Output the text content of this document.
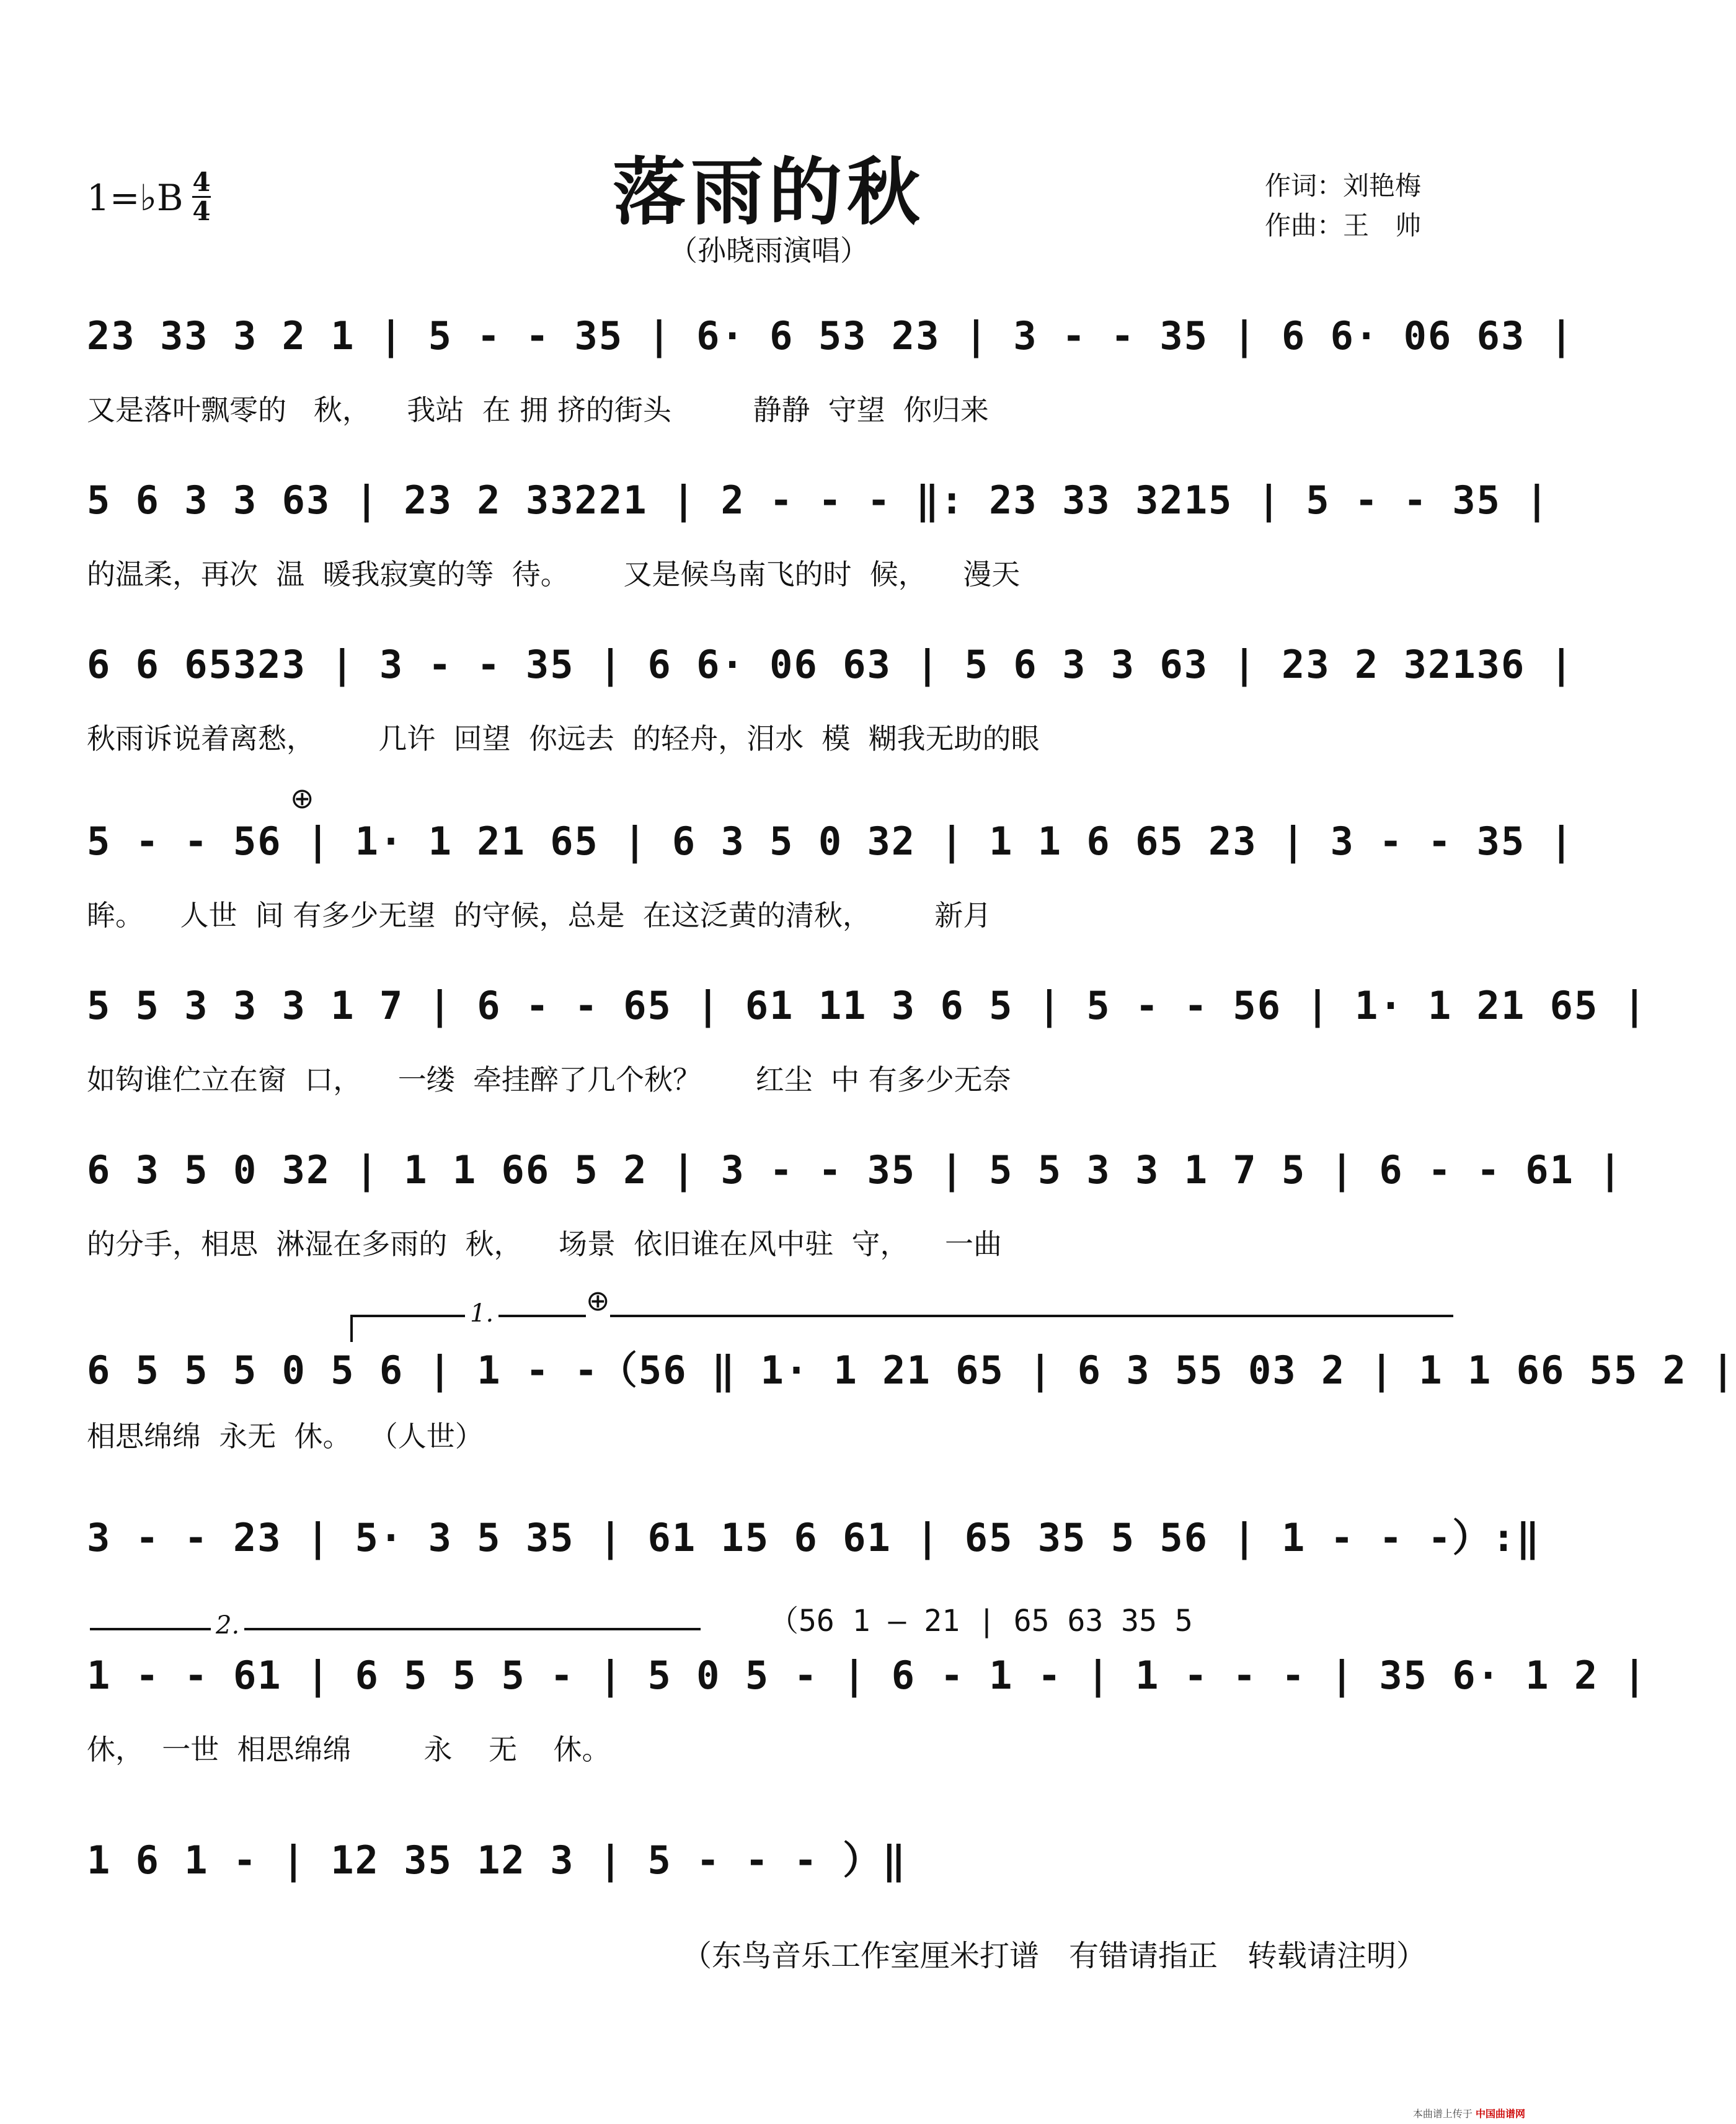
落雨的秋
（孙晓雨演唱）
1=♭B 4
4
作词：刘艳梅
作曲：王　帅
23 33 3 2 1 | 5 - - 35 | 6· 6 53 23 | 3 - - 35 | 6 6· 06 63 |
又是落叶飘零的   秋，    我站  在 拥 挤的街头         静静  守望  你归来
5 6 3 3 63 | 23 2 33221 | 2 - - - ‖: 23 33 3215 | 5 - - 35 |
的温柔，再次  温  暖我寂寞的等  待。      又是候鸟南飞的时  候，    漫天
6 6 65323 | 3 - - 35 | 6 6· 06 63 | 5 6 3 3 63 | 23 2 32136 |
秋雨诉说着离愁，       几许  回望  你远去  的轻舟，泪水  模  糊我无助的眼
⊕
5 - - 56 | 1· 1 21 65 | 6 3 5 0 32 | 1 1 6 65 23 | 3 - - 35 |
眸。    人世  间 有多少无望  的守候，总是  在这泛黄的清秋，       新月
5 5 3 3 3 1 7 | 6 - - 65 | 61 11 3 6 5 | 5 - - 56 | 1· 1 21 65 |
如钩谁伫立在窗  口，    一缕  牵挂醉了几个秋？      红尘  中 有多少无奈
6 3 5 0 32 | 1 1 66 5 2 | 3 - - 35 | 5 5 3 3 1 7 5 | 6 - - 61 |
的分手，相思  淋湿在多雨的  秋，    场景  依旧谁在风中驻  守，    一曲
1.	⊕
6 5 5 5 0 5 6 | 1 - -（56 ‖ 1· 1 21 65 | 6 3 55 03 2 | 1 1 66 55 2 |
相思绵绵  永无  休。  （人世）
3 - - 23 | 5· 3 5 35 | 61 15 6 61 | 65 35 5 56 | 1 - - -）:‖
2.	（56 1 – 21 | 65 63 35 5
1 - - 61 | 6 5 5 5 - | 5 0 5 - | 6 - 1 - | 1 - - - | 35 6· 1 2 |
休，  一世  相思绵绵        永    无    休。
1 6 1 - | 12 35 12 3 | 5 - - - ）‖
（东鸟音乐工作室厘米打谱　有错请指正　转载请注明）
本曲谱上传于 中国曲谱网
